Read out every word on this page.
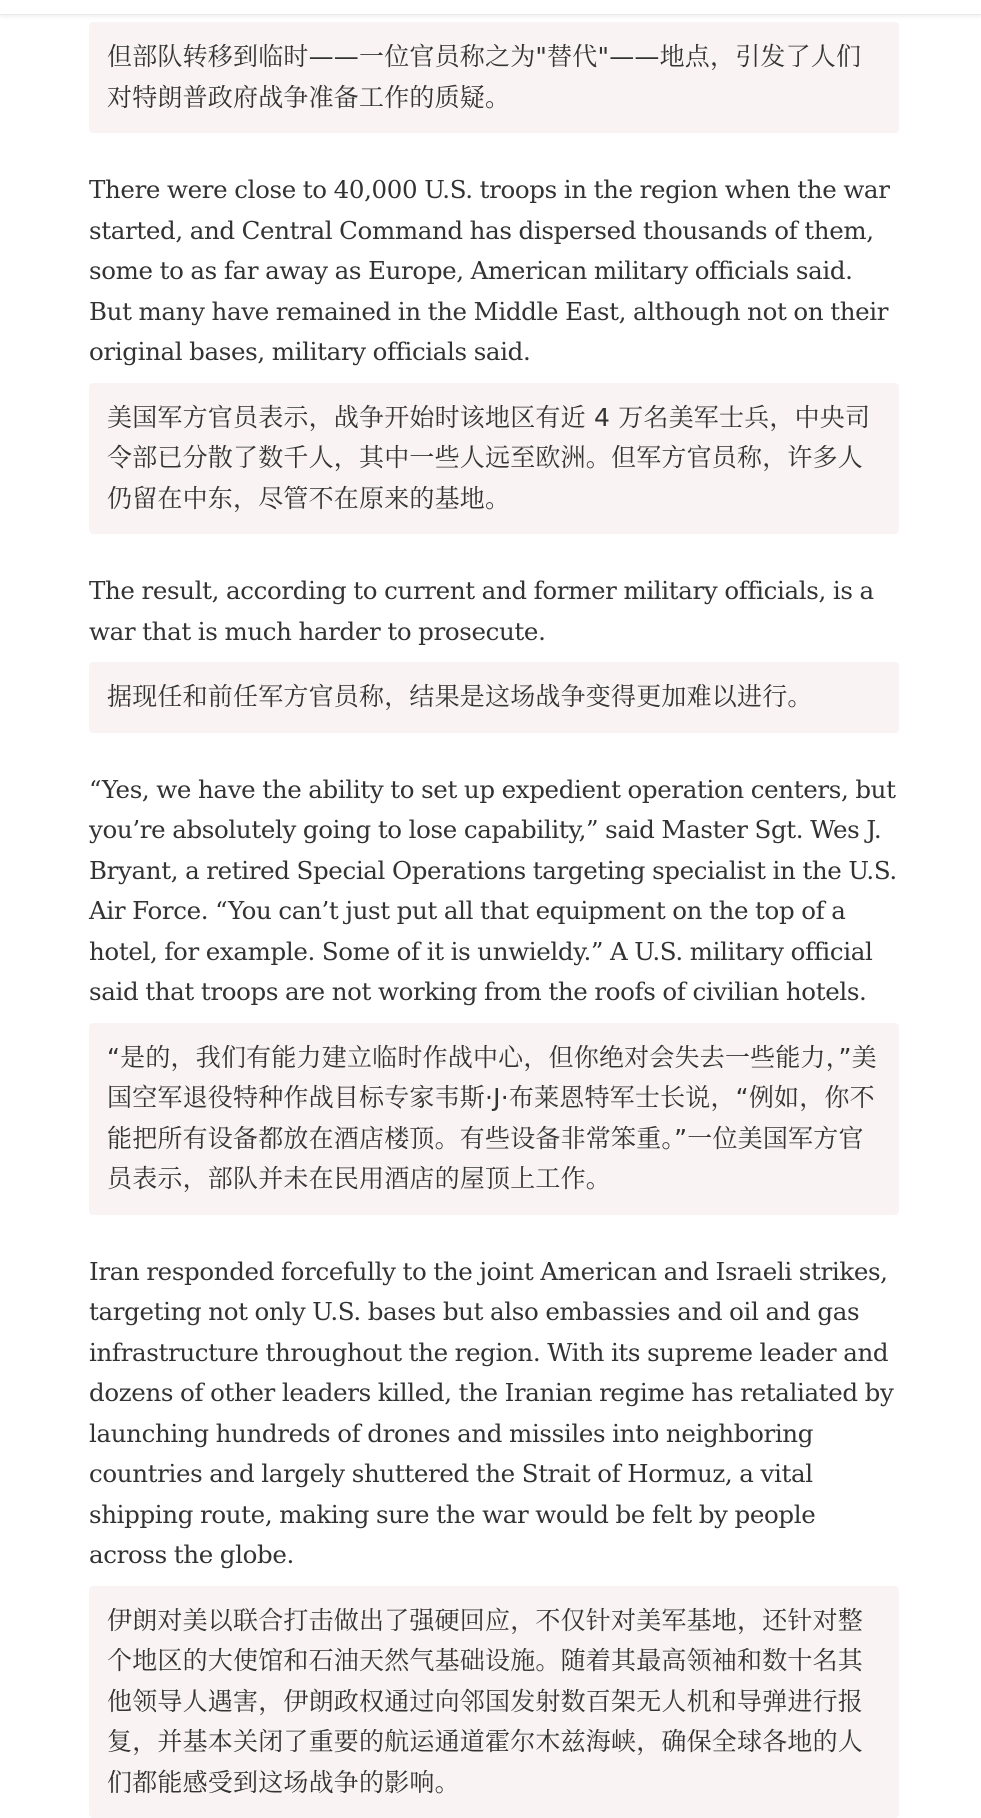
但部队转移到临时——一位官员称之为"替代"——地点，引发了人们对特朗普政府战争准备工作的质疑。

There were close to 40,000 U.S. troops in the region when the war started, and Central Command has dispersed thousands of them, some to as far away as Europe, American military officials said. But many have remained in the Middle East, although not on their original bases, military officials said.

美国军方官员表示，战争开始时该地区有近 4 万名美军士兵，中央司令部已分散了数千人，其中一些人远至欧洲。但军方官员称，许多人仍留在中东，尽管不在原来的基地。

The result, according to current and former military officials, is a war that is much harder to prosecute.

据现任和前任军方官员称，结果是这场战争变得更加难以进行。

“Yes, we have the ability to set up expedient operation centers, but you’re absolutely going to lose capability,” said Master Sgt. Wes J. Bryant, a retired Special Operations targeting specialist in the U.S. Air Force. “You can’t just put all that equipment on the top of a hotel, for example. Some of it is unwieldy.” A U.S. military official said that troops are not working from the roofs of civilian hotels.

“是的，我们有能力建立临时作战中心，但你绝对会失去一些能力，”美国空军退役特种作战目标专家韦斯·J·布莱恩特军士长说，“例如，你不能把所有设备都放在酒店楼顶。有些设备非常笨重。”一位美国军方官员表示，部队并未在民用酒店的屋顶上工作。

Iran responded forcefully to the joint American and Israeli strikes, targeting not only U.S. bases but also embassies and oil and gas infrastructure throughout the region. With its supreme leader and dozens of other leaders killed, the Iranian regime has retaliated by launching hundreds of drones and missiles into neighboring countries and largely shuttered the Strait of Hormuz, a vital shipping route, making sure the war would be felt by people across the globe.

伊朗对美以联合打击做出了强硬回应，不仅针对美军基地，还针对整个地区的大使馆和石油天然气基础设施。随着其最高领袖和数十名其他领导人遇害，伊朗政权通过向邻国发射数百架无人机和导弹进行报复，并基本关闭了重要的航运通道霍尔木兹海峡，确保全球各地的人们都能感受到这场战争的影响。
